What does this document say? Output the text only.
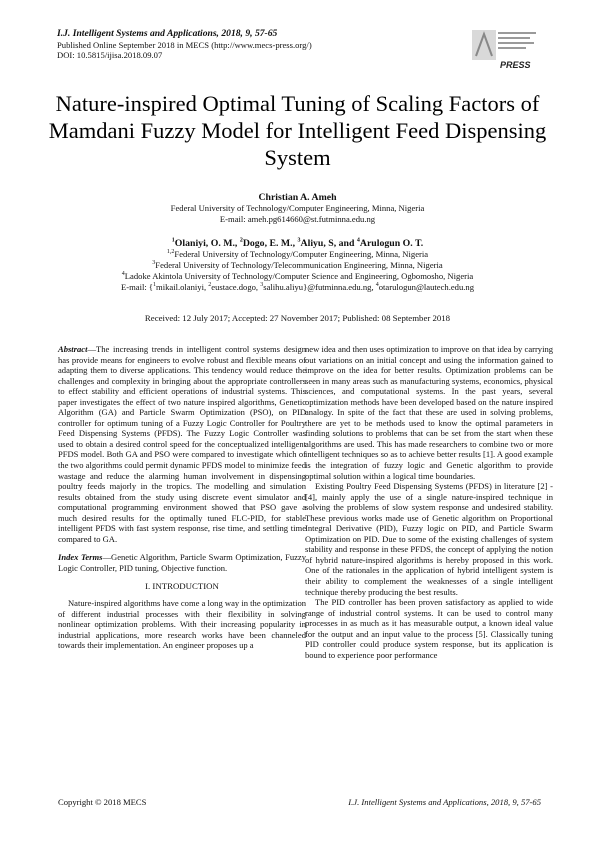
I.J. Intelligent Systems and Applications, 2018, 9, 57-65
Published Online September 2018 in MECS (http://www.mecs-press.org/)
DOI: 10.5815/ijisa.2018.09.07
PRESS
Nature-inspired Optimal Tuning of Scaling Factors of Mamdani Fuzzy Model for Intelligent Feed Dispensing System
Christian A. Ameh
Federal University of Technology/Computer Engineering, Minna, Nigeria
E-mail: ameh.pg614660@st.futminna.edu.ng
$^1$Olaniyi, O. M., $^2$Dogo, E. M., $^3$Aliyu, S, and $^4$Arulogun O. T.
$^{1,2}$Federal University of Technology/Computer Engineering, Minna, Nigeria
$^3$Federal University of Technology/Telecommunication Engineering, Minna, Nigeria
$^4$Ladoke Akintola University of Technology/Computer Science and Engineering, Ogbomosho, Nigeria
E-mail: {$^1$mikail.olaniyi, $^2$eustace.dogo, $^3$salihu.aliyu}@futminna.edu.ng, $^4$otarulogun@lautech.edu.ng
Received: 12 July 2017; Accepted: 27 November 2017; Published: 08 September 2018

Abstract—The increasing trends in intelligent control systems design has provide means for engineers to evolve robust and flexible means of adapting them to diverse applications. This tendency would reduce the challenges and complexity in bringing about the appropriate controllers to effect stability and efficient operations of industrial systems. This paper investigates the effect of two nature inspired algorithms, Genetic Algorithm (GA) and Particle Swarm Optimization (PSO), on PID controller for optimum tuning of a Fuzzy Logic Controller for Poultry Feed Dispensing Systems (PFDS). The Fuzzy Logic Controller was used to obtain a desired control speed for the conceptualized intelligent PFDS model. Both GA and PSO were compared to investigate which of the two algorithms could permit dynamic PFDS model to minimize feed wastage and reduce the alarming human involvement in dispensing poultry feeds majorly in the tropics. The modelling and simulation results obtained from the study using discrete event simulator and computational programming environment showed that PSO gave a much desired results for the optimally tuned FLC-PID, for stable intelligent PFDS with fast system response, rise time, and settling time compared to GA.

Index Terms—Genetic Algorithm, Particle Swarm Optimization, Fuzzy Logic Controller, PID tuning, Objective function.

I. INTRODUCTION

Nature-inspired algorithms have come a long way in the optimization of different industrial processes with their flexibility in solving nonlinear optimization problems. With their increasing popularity in industrial applications, more research works have been channeled towards their implementation. An engineer proposes up a

new idea and then uses optimization to improve on that idea by carrying out variations on an initial concept and using the information gained to improve on the idea for better results. Optimization problems can be seen in many areas such as manufacturing systems, economics, physical sciences, and computational systems. In the past years, several optimization methods have been developed based on the nature inspired analogy. In spite of the fact that these are used in solving problems, there are yet to be methods used to know the optimal parameters in finding solutions to problems that can be set from the start when these algorithms are used. This has made researchers to combine two or more intelligent techniques so as to achieve better results [1]. A good example is the integration of fuzzy logic and Genetic algorithm to provide optimal solution within a logical time boundaries.

Existing Poultry Feed Dispensing Systems (PFDS) in literature [2] - [4], mainly apply the use of a single nature-inspired technique in solving the problems of slow system response and undesired stability. These previous works made use of Genetic algorithm on Proportional Integral Derivative (PID), Fuzzy logic on PID, and Particle Swarm Optimization on PID. Due to some of the existing challenges of system stability and response in these PFDS, the concept of applying the notion of hybrid nature-inspired algorithms is hereby proposed in this work. One of the rationales in the application of hybrid intelligent system is their ability to complement the weaknesses of a single intelligent technique thereby producing the best results.

The PID controller has been proven satisfactory as applied to wide range of industrial control systems. It can be used to control many processes in as much as it has measurable output, a known ideal value for the output and an input value to the process [5]. Classically tuning PID controller could produce system response, but its application is bound to experience poor performance

Copyright © 2018 MECS	I.J. Intelligent Systems and Applications, 2018, 9, 57-65
